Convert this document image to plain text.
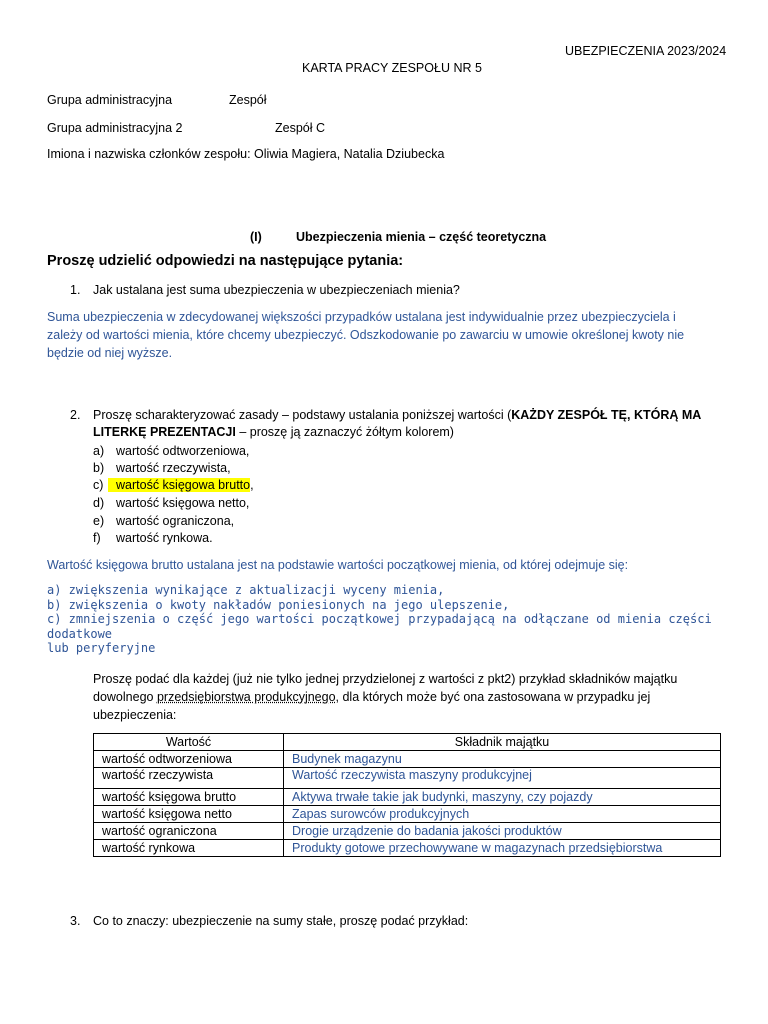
UBEZPIECZENIA 2023/2024
KARTA PRACY ZESPOŁU NR 5
Grupa administracyjna	Zespół
Grupa administracyjna 2	Zespół C
Imiona i nazwiska członków zespołu: Oliwia Magiera, Natalia Dziubecka
(I)	Ubezpieczenia mienia – część teoretyczna
Proszę udzielić odpowiedzi na następujące pytania:
1. Jak ustalana jest suma ubezpieczenia w ubezpieczeniach mienia?
Suma ubezpieczenia w zdecydowanej większości przypadków ustalana jest indywidualnie przez ubezpieczyciela i
zależy od wartości mienia, które chcemy ubezpieczyć. Odszkodowanie po zawarciu w umowie określonej kwoty nie
będzie od niej wyższe.
2. Proszę scharakteryzować zasady – podstawy ustalania poniższej wartości (KAŻDY ZESPÓŁ TĘ, KTÓRĄ MA
LITERKĘ PREZENTACJI – proszę ją zaznaczyć żółtym kolorem)
a) wartość odtworzeniowa,
b) wartość rzeczywista,
c) wartość księgowa brutto,
d) wartość księgowa netto,
e) wartość ograniczona,
f) wartość rynkowa.
Wartość księgowa brutto ustalana jest na podstawie wartości początkowej mienia, od której odejmuje się:
a) zwiększenia wynikające z aktualizacji wyceny mienia,
b) zwiększenia o kwoty nakładów poniesionych na jego ulepszenie,
c) zmniejszenia o część jego wartości początkowej przypadającą na odłączane od mienia części dodatkowe
lub peryferyjne
Proszę podać dla każdej (już nie tylko jednej przydzielonej z wartości z pkt2) przykład składników majątku
dowolnego przedsiębiorstwa produkcyjnego, dla których może być ona zastosowana w przypadku jej
ubezpieczenia:
Wartość	Składnik majątku
wartość odtworzeniowa	Budynek magazynu
wartość rzeczywista	Wartość rzeczywista maszyny produkcyjnej
wartość księgowa brutto	Aktywa trwałe takie jak budynki, maszyny, czy pojazdy
wartość księgowa netto	Zapas surowców produkcyjnych
wartość ograniczona	Drogie urządzenie do badania jakości produktów
wartość rynkowa	Produkty gotowe przechowywane w magazynach przedsiębiorstwa
3. Co to znaczy: ubezpieczenie na sumy stałe, proszę podać przykład:
